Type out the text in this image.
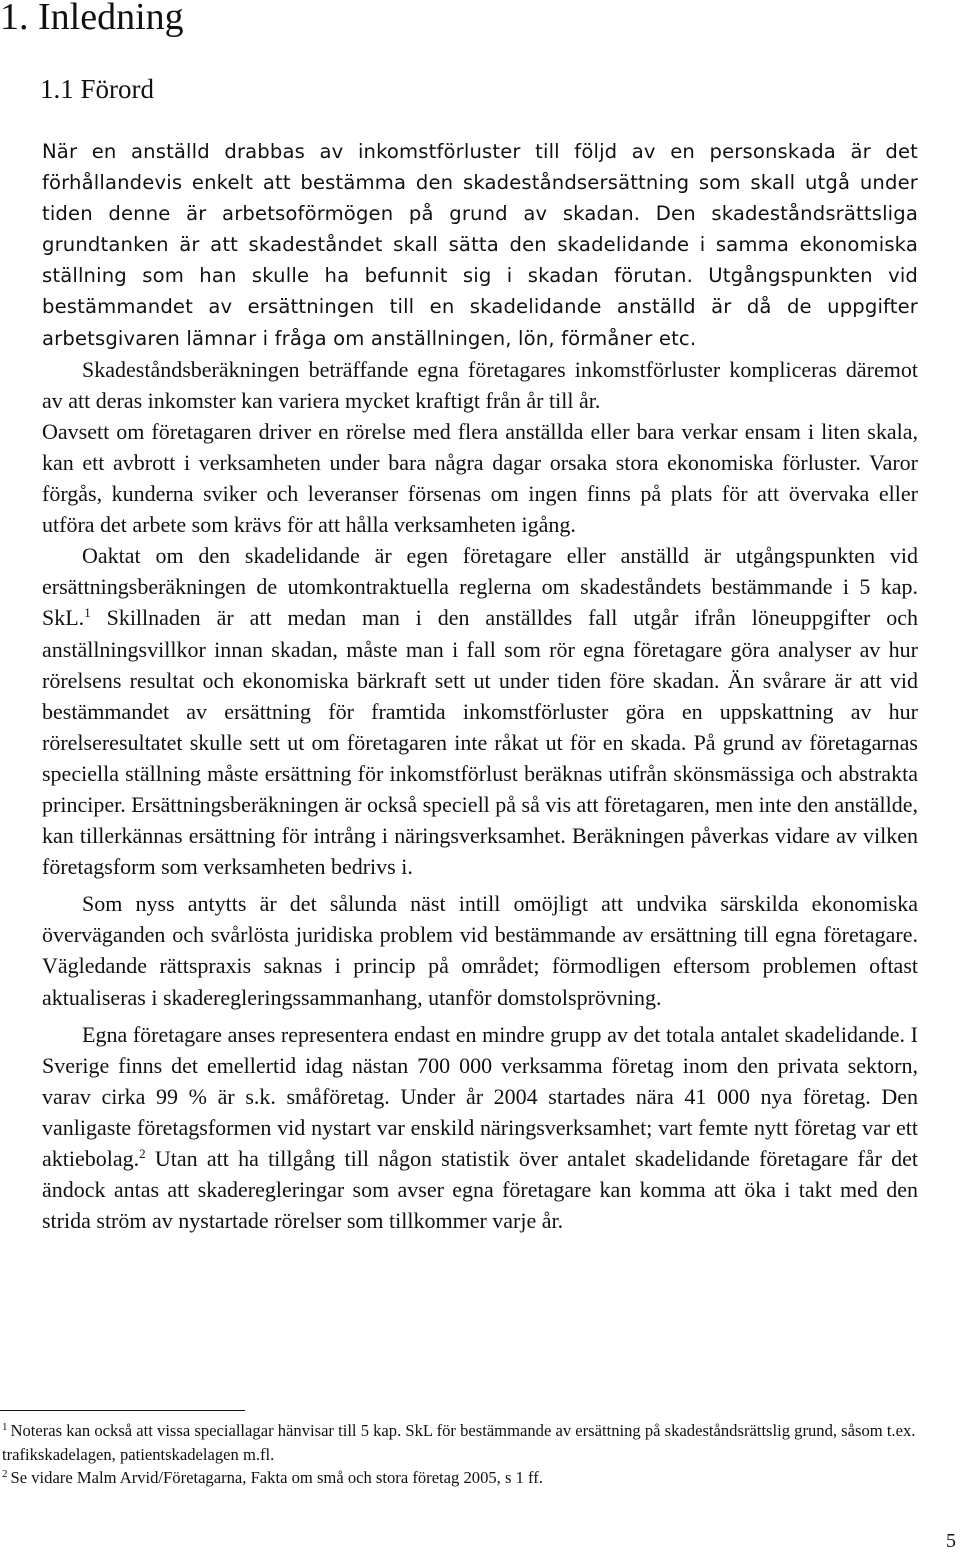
1. Inledning
1.1 Förord

När en anställd drabbas av inkomstförluster till följd av en personskada är det förhållandevis enkelt att bestämma den skadeståndsersättning som skall utgå under tiden denne är arbetsoförmögen på grund av skadan. Den skadeståndsrättsliga grundtanken är att skadeståndet skall sätta den skadelidande i samma ekonomiska ställning som han skulle ha befunnit sig i skadan förutan. Utgångspunkten vid bestämmandet av ersättningen till en skadelidande anställd är då de uppgifter arbetsgivaren lämnar i fråga om anställningen, lön, förmåner etc.

Skadeståndsberäkningen beträffande egna företagares inkomstförluster kompliceras däremot av att deras inkomster kan variera mycket kraftigt från år till år.

Oavsett om företagaren driver en rörelse med flera anställda eller bara verkar ensam i liten skala, kan ett avbrott i verksamheten under bara några dagar orsaka stora ekonomiska förluster. Varor förgås, kunderna sviker och leveranser försenas om ingen finns på plats för att övervaka eller utföra det arbete som krävs för att hålla verksamheten igång.

Oaktat om den skadelidande är egen företagare eller anställd är utgångspunkten vid ersättningsberäkningen de utomkontraktuella reglerna om skadeståndets bestämmande i 5 kap. SkL.$^1$ Skillnaden är att medan man i den anställdes fall utgår ifrån löneuppgifter och anställningsvillkor innan skadan, måste man i fall som rör egna företagare göra analyser av hur rörelsens resultat och ekonomiska bärkraft sett ut under tiden före skadan. Än svårare är att vid bestämmandet av ersättning för framtida inkomstförluster göra en uppskattning av hur rörelseresultatet skulle sett ut om företagaren inte råkat ut för en skada. På grund av företagarnas speciella ställning måste ersättning för inkomstförlust beräknas utifrån skönsmässiga och abstrakta principer. Ersättningsberäkningen är också speciell på så vis att företagaren, men inte den anställde, kan tillerkännas ersättning för intrång i näringsverksamhet. Beräkningen påverkas vidare av vilken företagsform som verksamheten bedrivs i.

Som nyss antytts är det sålunda näst intill omöjligt att undvika särskilda ekonomiska överväganden och svårlösta juridiska problem vid bestämmande av ersättning till egna företagare. Vägledande rättspraxis saknas i princip på området; förmodligen eftersom problemen oftast aktualiseras i skaderegleringssammanhang, utanför domstolsprövning.

Egna företagare anses representera endast en mindre grupp av det totala antalet skadelidande. I Sverige finns det emellertid idag nästan 700 000 verksamma företag inom den privata sektorn, varav cirka 99 % är s.k. småföretag. Under år 2004 startades nära 41 000 nya företag. Den vanligaste företagsformen vid nystart var enskild näringsverksamhet; vart femte nytt företag var ett aktiebolag.$^2$ Utan att ha tillgång till någon statistik över antalet skadelidande företagare får det ändock antas att skaderegleringar som avser egna företagare kan komma att öka i takt med den strida ström av nystartade rörelser som tillkommer varje år.

$^1$ Noteras kan också att vissa speciallagar hänvisar till 5 kap. SkL för bestämmande av ersättning på skadeståndsrättslig grund, såsom t.ex. trafikskadelagen, patientskadelagen m.fl.

$^2$ Se vidare Malm Arvid/Företagarna, Fakta om små och stora företag 2005, s 1 ff.

5
